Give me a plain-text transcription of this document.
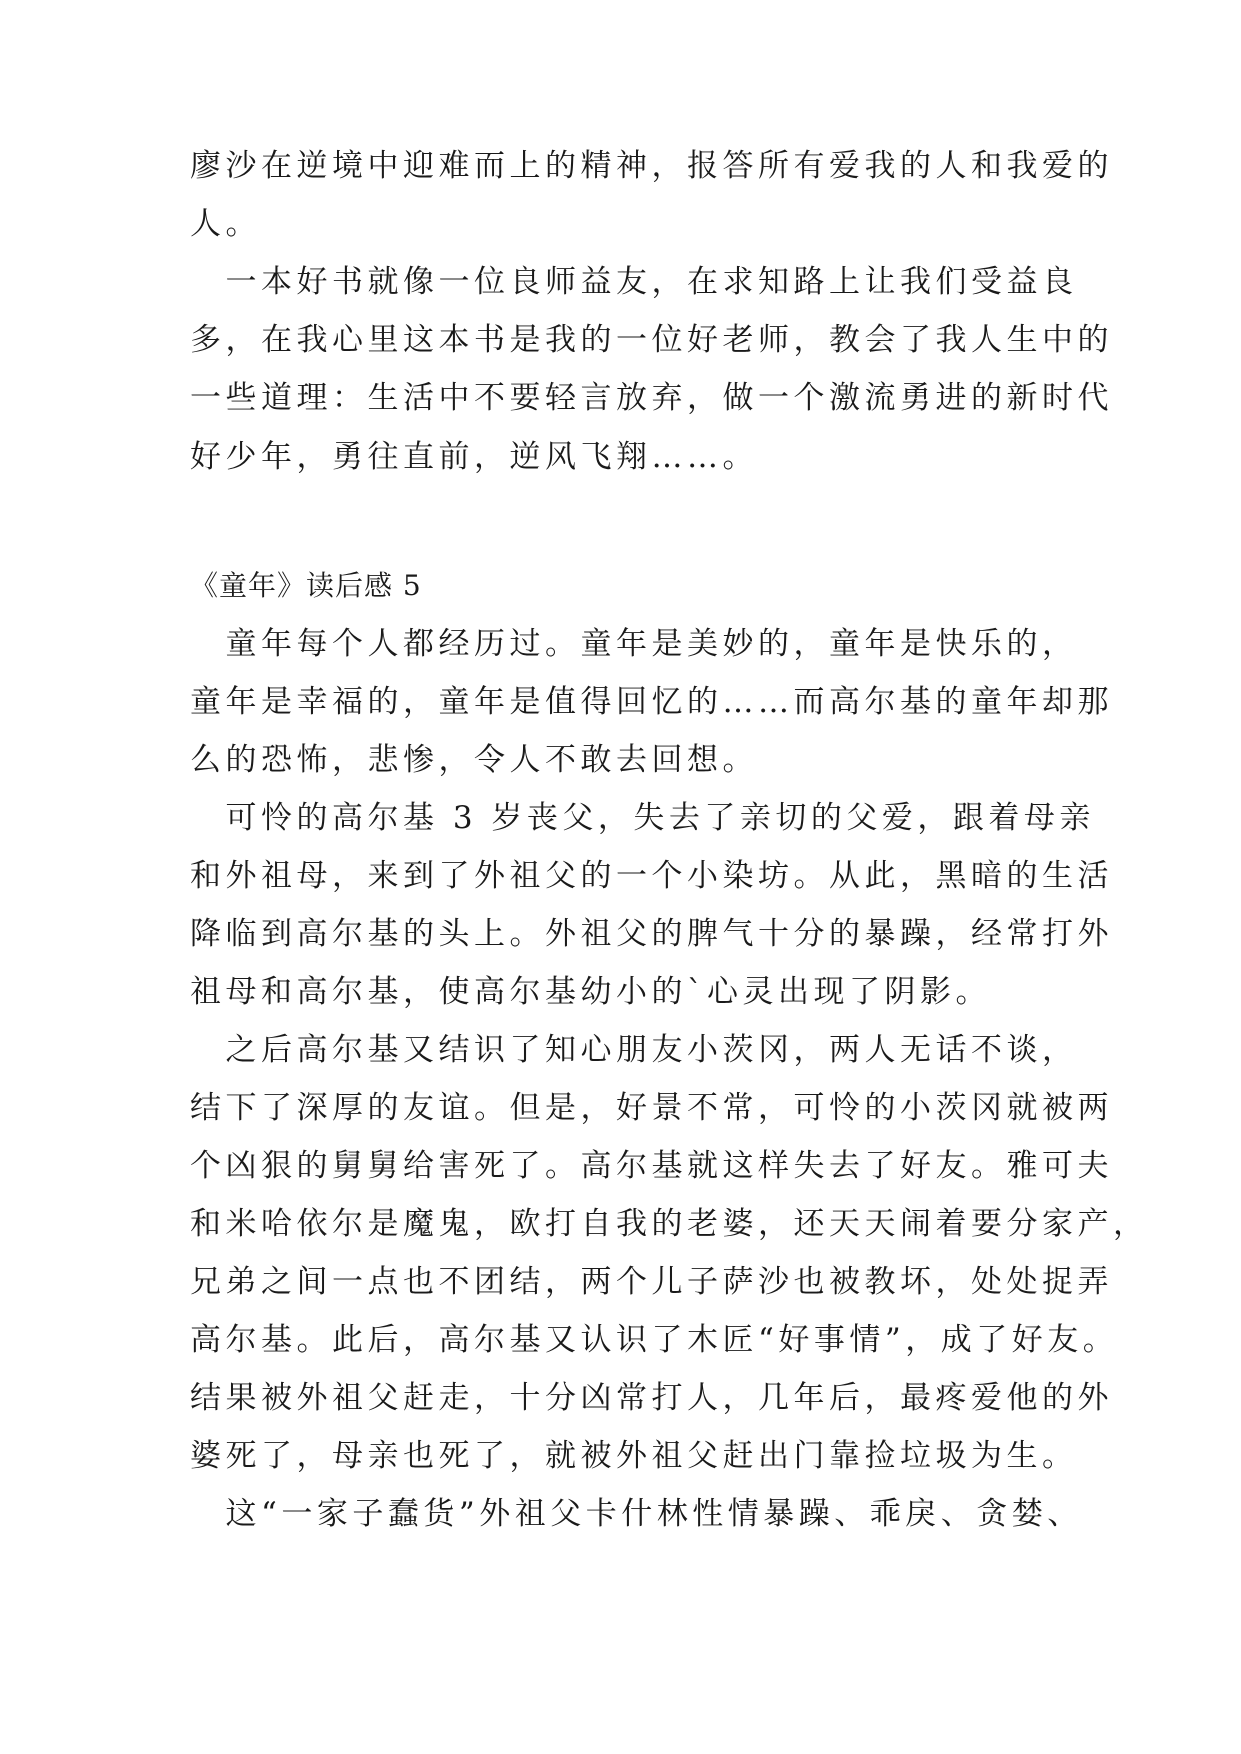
廖沙在逆境中迎难而上的精神，报答所有爱我的人和我爱的
人。
　一本好书就像一位良师益友，在求知路上让我们受益良
多，在我心里这本书是我的一位好老师，教会了我人生中的
一些道理：生活中不要轻言放弃，做一个激流勇进的新时代
好少年，勇往直前，逆风飞翔……。
《童年》读后感 5
　童年每个人都经历过。童年是美妙的，童年是快乐的，
童年是幸福的，童年是值得回忆的……而高尔基的童年却那
么的恐怖，悲惨，令人不敢去回想。
　可怜的高尔基 3 岁丧父，失去了亲切的父爱，跟着母亲
和外祖母，来到了外祖父的一个小染坊。从此，黑暗的生活
降临到高尔基的头上。外祖父的脾气十分的暴躁，经常打外
祖母和高尔基，使高尔基幼小的`心灵出现了阴影。
　之后高尔基又结识了知心朋友小茨冈，两人无话不谈，
结下了深厚的友谊。但是，好景不常，可怜的小茨冈就被两
个凶狠的舅舅给害死了。高尔基就这样失去了好友。雅可夫
和米哈依尔是魔鬼，欧打自我的老婆，还天天闹着要分家产，
兄弟之间一点也不团结，两个儿子萨沙也被教坏，处处捉弄
高尔基。此后，高尔基又认识了木匠“好事情”，成了好友。
结果被外祖父赶走，十分凶常打人，几年后，最疼爱他的外
婆死了，母亲也死了，就被外祖父赶出门靠捡垃圾为生。
　这“一家子蠢货”外祖父卡什林性情暴躁、乖戾、贪婪、
